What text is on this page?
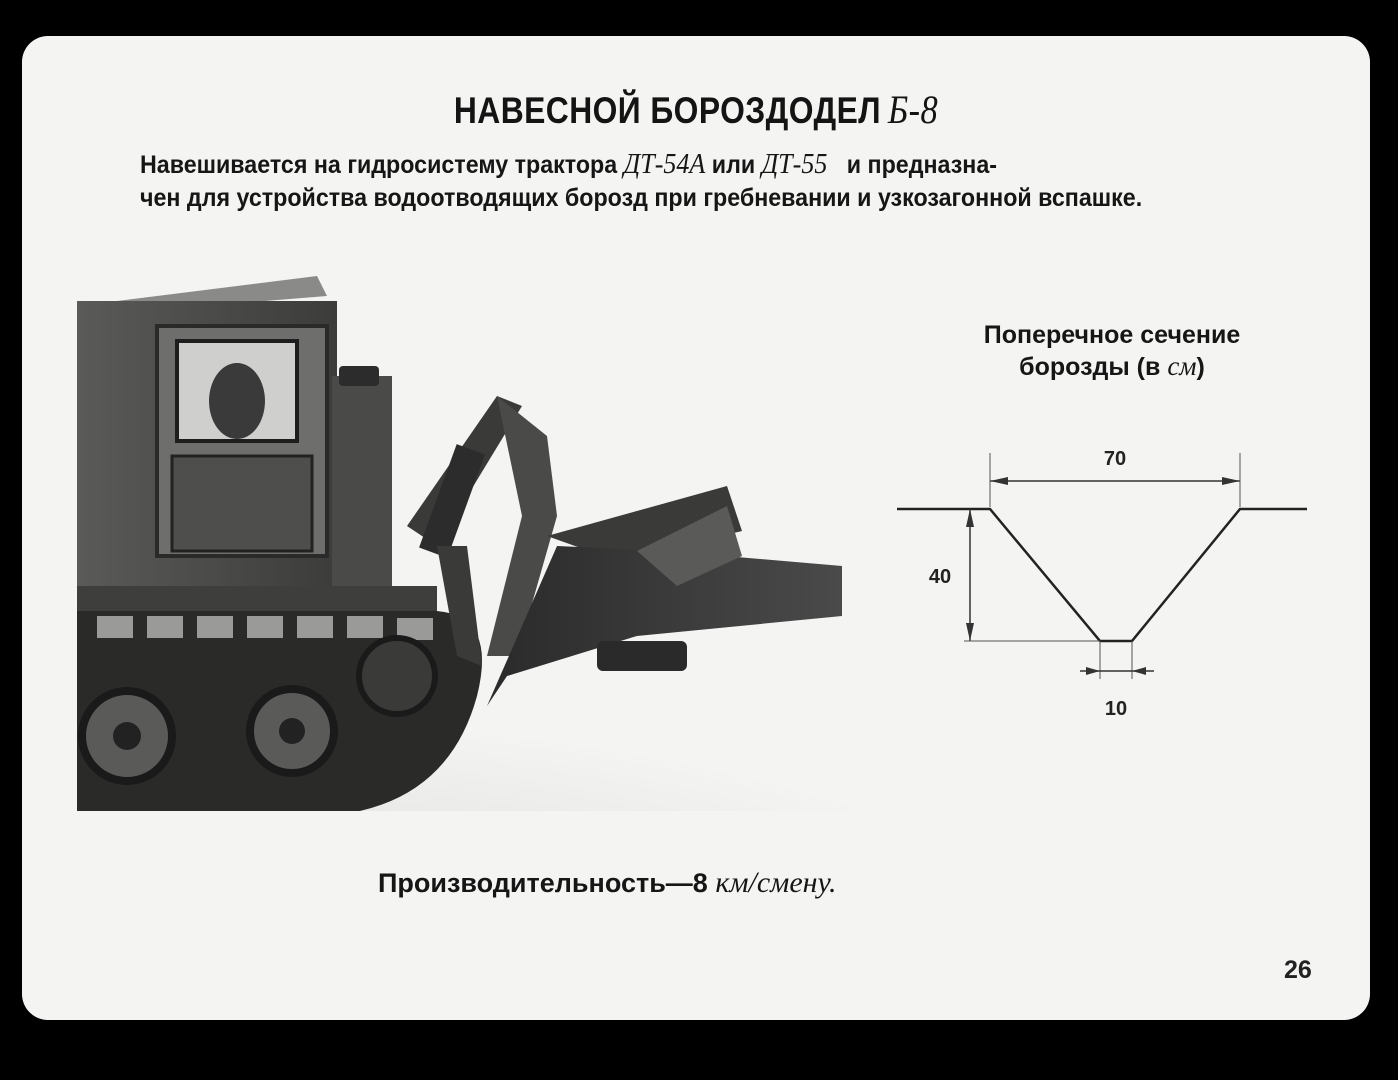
НАВЕСНОЙ БОРОЗДОДЕЛ Б-8
Навешивается на гидросистему трактора ДТ-54А или ДТ-55 и предназна-
чен для устройства водоотводящих борозд при гребневании и узкозагонной вспашке.
Поперечное сечение
борозды (в см)
70
40
10
Производительность—8 км/смену.
26
